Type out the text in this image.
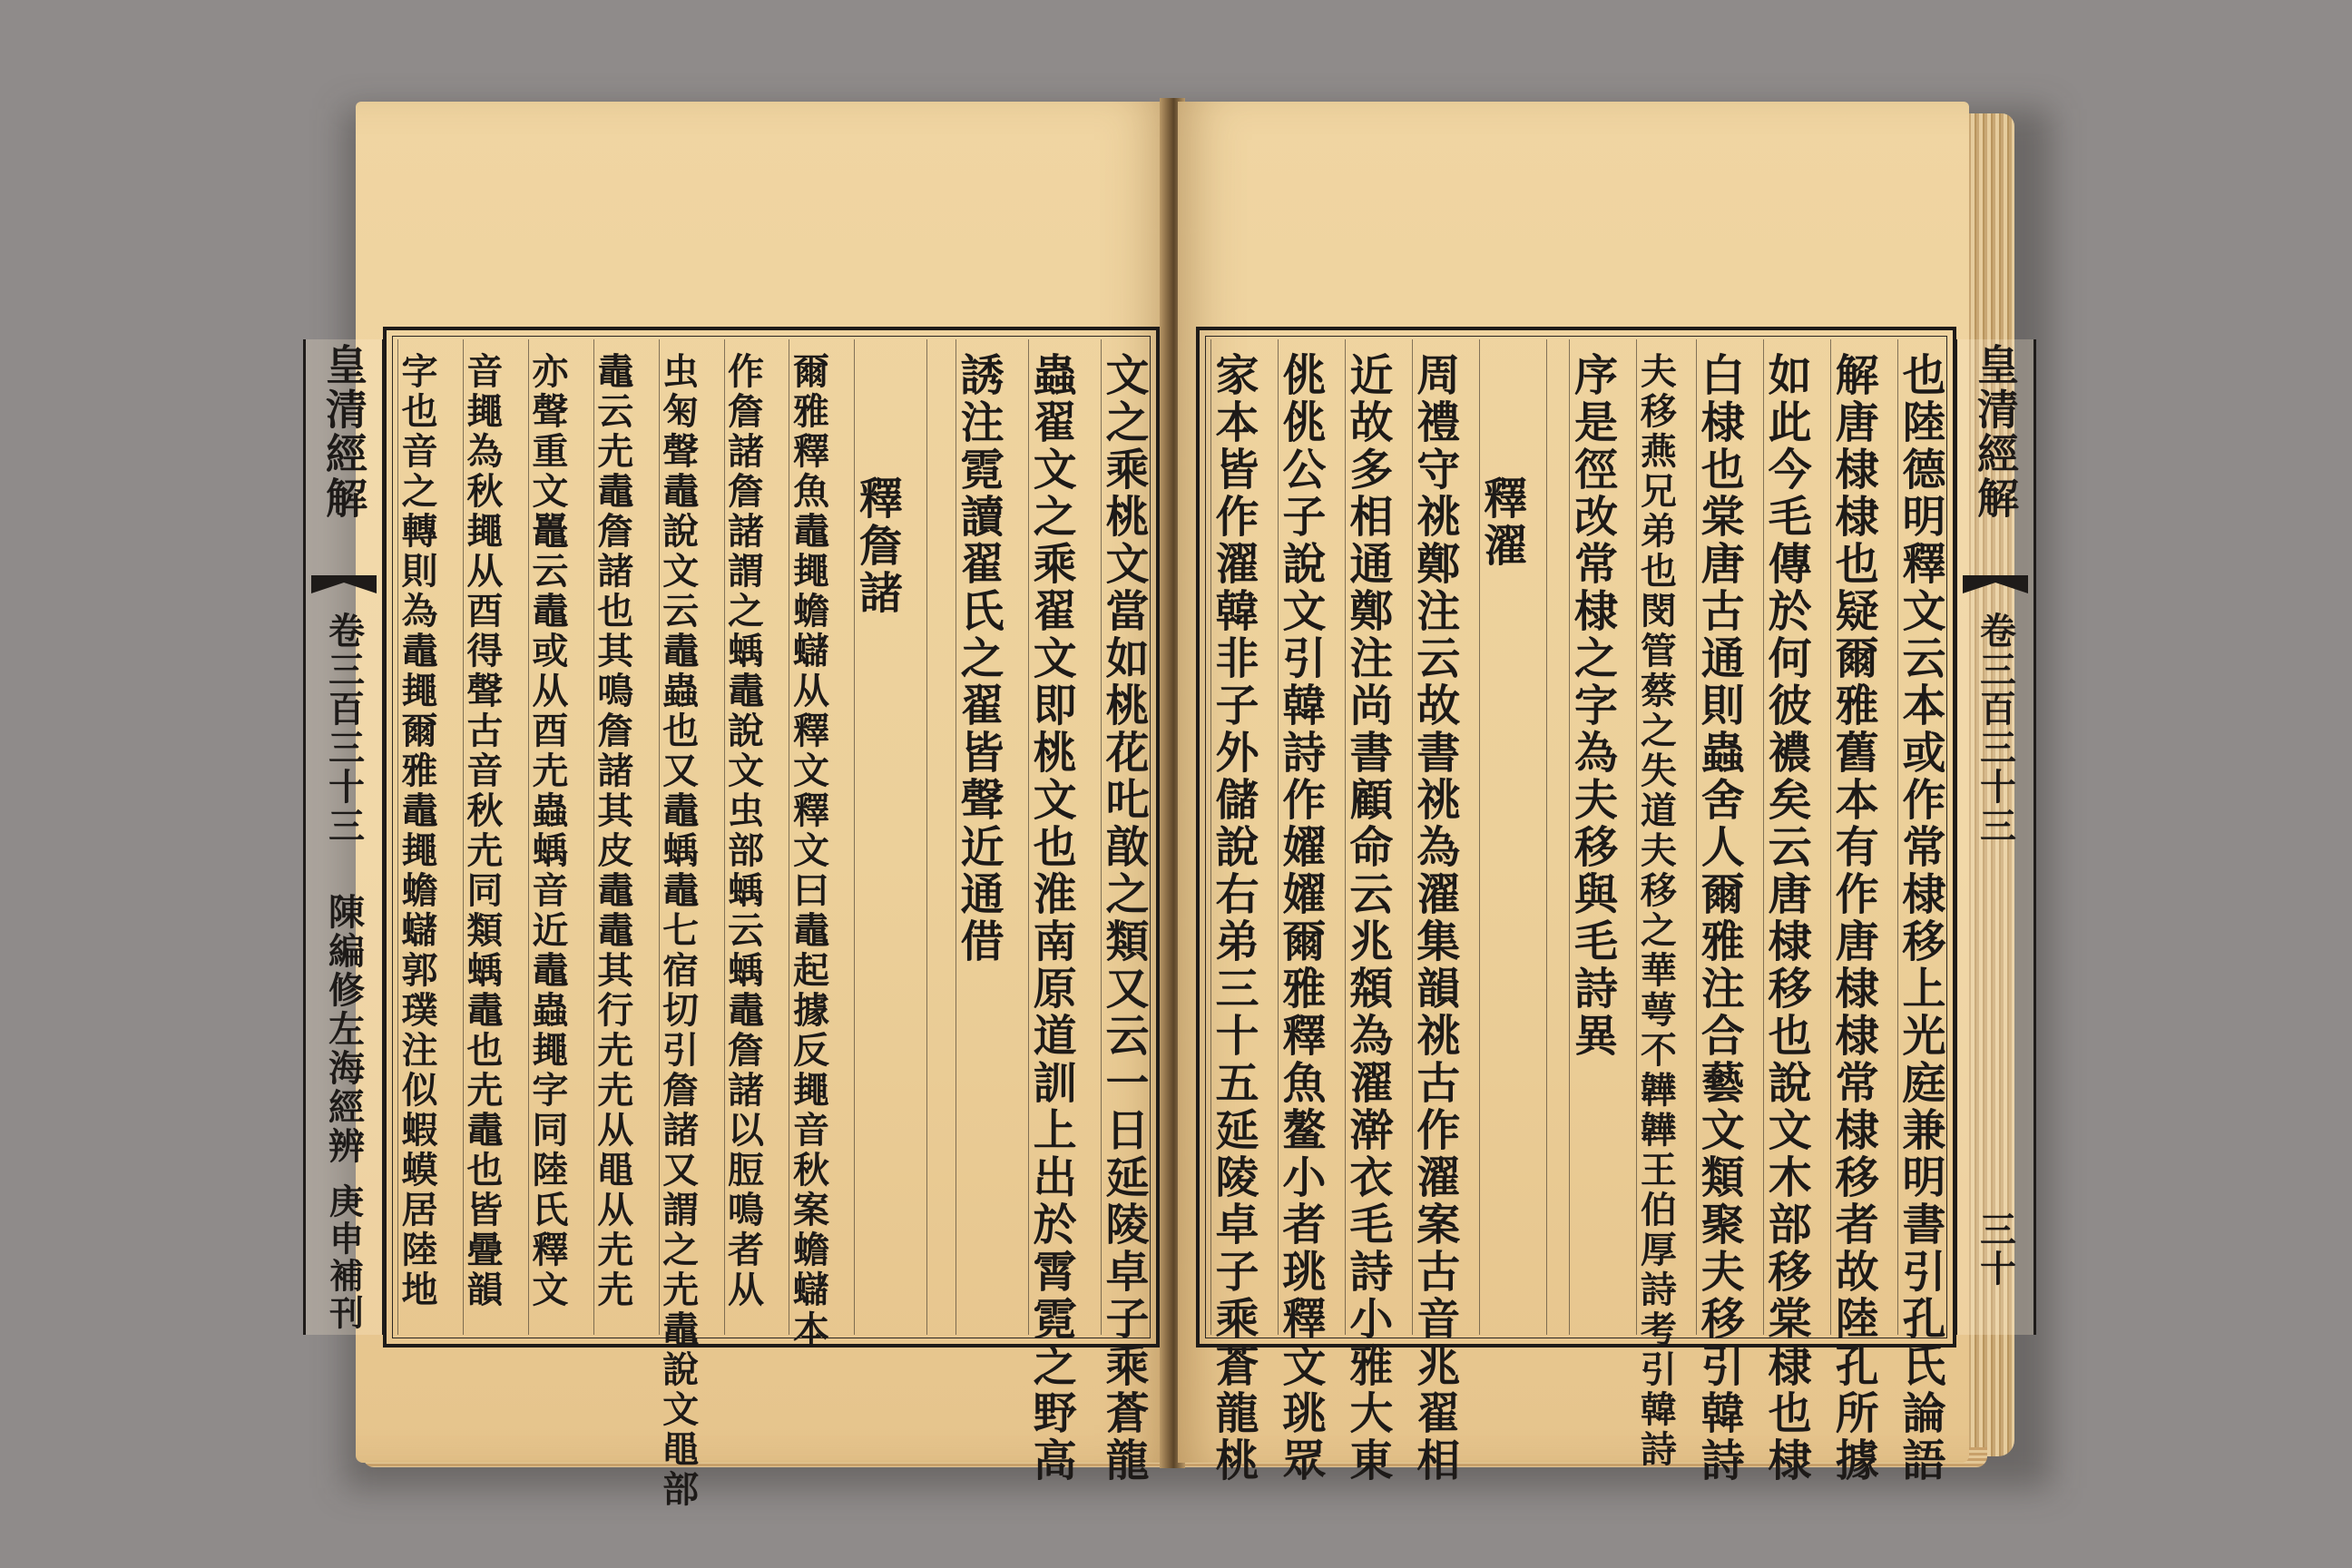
皇清經解
卷三百三十三
陳編修左海經辨
庚申補刊	文之乘桃文當如桃花𠮟㪟之類又云一日延陵卓子乘蒼龍
蟲翟文之乘翟文即桃文也淮南原道訓上出於霄霓之野高
誘注霓讀翟氏之翟皆聲近通借
釋詹諸
爾雅釋魚鼃䵷蟾蠩从釋文釋文曰鼃起據反䵷音秋案蟾蠩本
作詹諸詹諸謂之蝺鼃說文虫部蝺云蝺鼃詹諸以脰鳴者从
虫匊聲鼃說文云鼃蟲也又鼃蝺鼃七宿切引詹諸又謂之圥鼃說文黽部
鼃云圥鼃詹諸也其鳴詹諸其皮鼃鼃其行圥圥从黽从圥圥
亦聲重文鼉云鼃或从酉圥蟲蝺音近鼃蟲䵷字同陸氏釋文
音䵷為秋䵷从酉得聲古音秋圥同類蝺鼃也圥鼃也皆曡韻
字也音之轉則為鼃䵷爾雅鼃䵷蟾蠩郭璞注似蝦蟆居陸地	皇清經解
卷三百三十三
三十
也陸德明釋文云本或作常棣移上光庭兼明書引孔氏論語
解唐棣棣也疑爾雅舊本有作唐棣棣常棣移者故陸孔所據
如此今毛傳於何彼襛矣云唐棣移也說文木部移棠棣也棣
白棣也棠唐古通則蟲舍人爾雅注合藝文類聚夫移引韓詩
夫移燕兄弟也閔管蔡之失道夫移之華萼不韡韡王伯厚詩考引韓詩
序是徑改常棣之字為夫移與毛詩異
釋濯
周禮守祧鄭注云故書祧為濯集韻祧古作濯案古音兆翟相
近故多相通鄭注尚書顧命云兆頮為濯澣衣毛詩小雅大東
佻佻公子說文引韓詩作嬥嬥爾雅釋魚鳌小者珧釋文珧眾
家本皆作濯韓非子外儲說右弟三十五延陵卓子乘蒼龍桃
